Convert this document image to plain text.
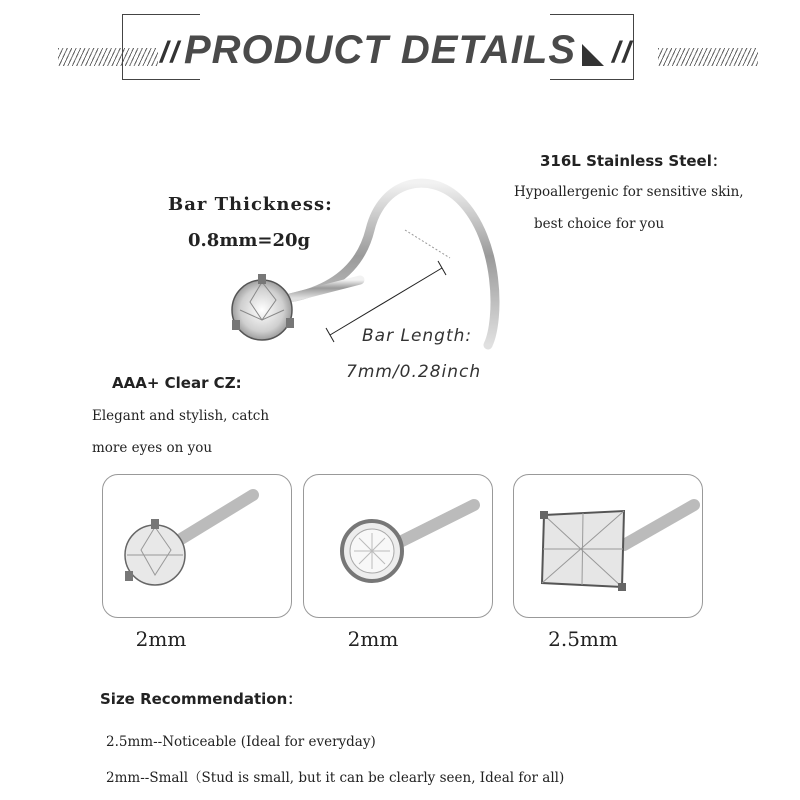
// PRODUCT DETAILS	//
316L Stainless Steel：
Hypoallergenic for sensitive skin,
best choice for you
Bar Thickness:
0.8mm=20g
Bar Length:
7mm/0.28inch
AAA+ Clear CZ:
Elegant and stylish, catch
more eyes on you
2mm	2mm	2.5mm
Size Recommendation：
2.5mm--Noticeable (Ideal for everyday)
2mm--Small（Stud is small, but it can be clearly seen, Ideal for all)
